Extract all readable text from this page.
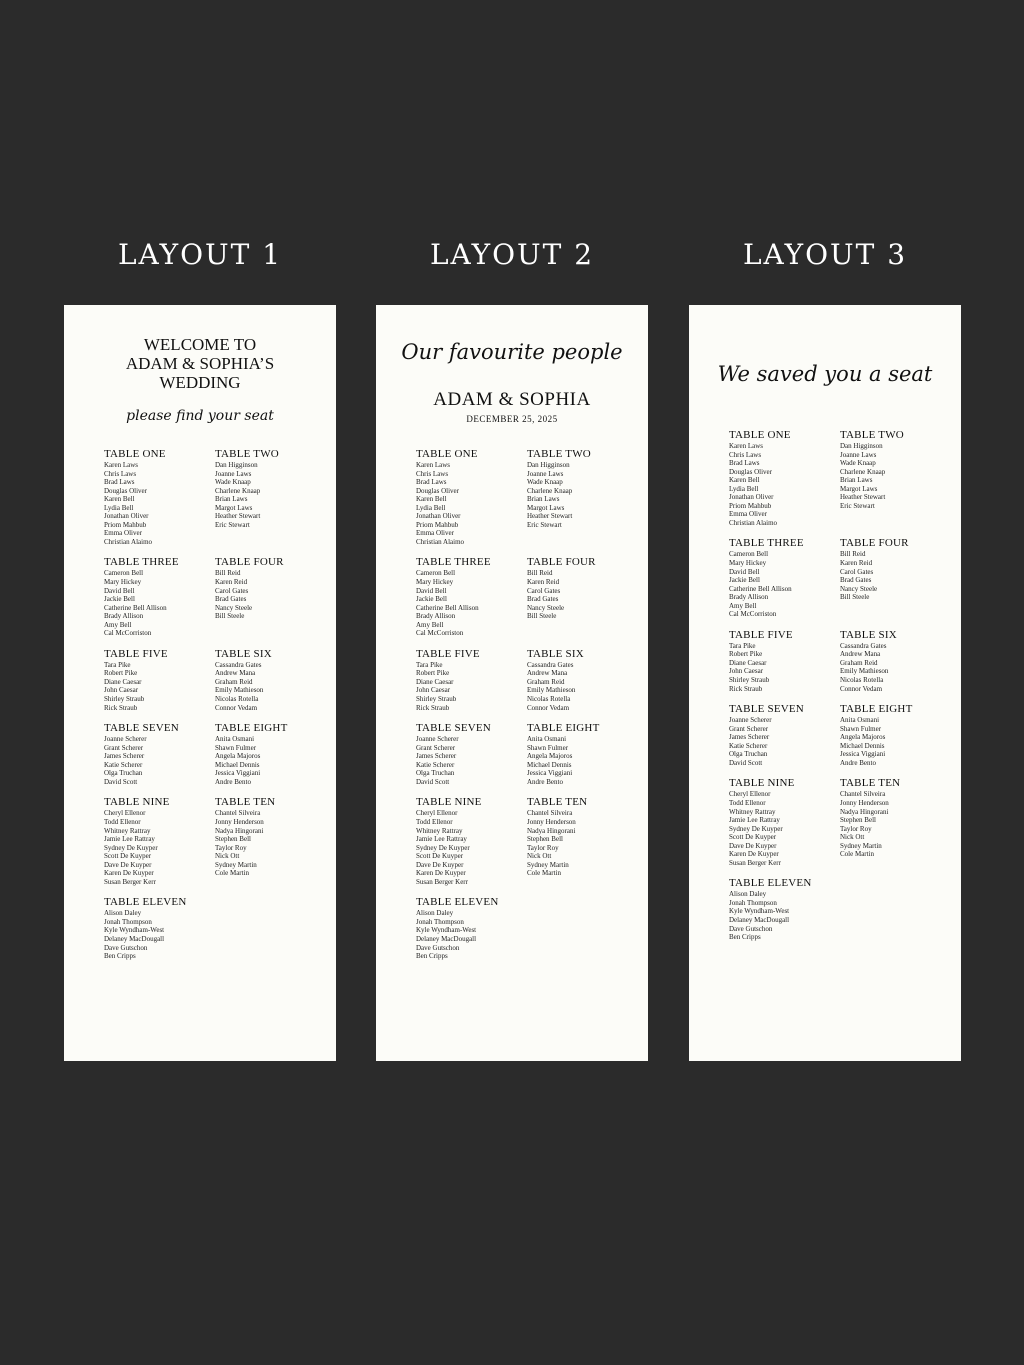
LAYOUT 1	LAYOUT 2	LAYOUT 3
WELCOME TO
ADAM & SOPHIA’S
WEDDING
please find your seat
TABLE ONE
Karen Laws
Chris Laws
Brad Laws
Douglas Oliver
Karen Bell
Lydia Bell
Jonathan Oliver
Priom Mahbub
Emma Oliver
Christian Alaimo
TABLE TWO
Dan Higginson
Joanne Laws
Wade Knaap
Charlene Knaap
Brian Laws
Margot Laws
Heather Stewart
Eric Stewart
TABLE THREE
Cameron Bell
Mary Hickey
David Bell
Jackie Bell
Catherine Bell Allison
Brady Allison
Amy Bell
Cal McCorriston
TABLE FOUR
Bill Reid
Karen Reid
Carol Gates
Brad Gates
Nancy Steele
Bill Steele
TABLE FIVE
Tara Pike
Robert Pike
Diane Caesar
John Caesar
Shirley Straub
Rick Straub
TABLE SIX
Cassandra Gates
Andrew Mana
Graham Reid
Emily Mathieson
Nicolas Rotella
Connor Vedam
TABLE SEVEN
Joanne Scherer
Grant Scherer
James Scherer
Katie Scherer
Olga Truchan
David Scott
TABLE EIGHT
Anita Osmani
Shawn Fulmer
Angela Majoros
Michael Dennis
Jessica Viggiani
Andre Bento
TABLE NINE
Cheryl Ellenor
Todd Ellenor
Whitney Rattray
Jamie Lee Rattray
Sydney De Kuyper
Scott De Kuyper
Dave De Kuyper
Karen De Kuyper
Susan Berger Kerr
TABLE TEN
Chantel Silveira
Jonny Henderson
Nadya Hingorani
Stephen Bell
Taylor Roy
Nick Ott
Sydney Martin
Cole Martin
TABLE ELEVEN
Alison Daley
Jonah Thompson
Kyle Wyndham-West
Delaney MacDougall
Dave Gutschon
Ben Cripps
Our favourite people
ADAM & SOPHIA
DECEMBER 25, 2025
TABLE ONE
Karen Laws
Chris Laws
Brad Laws
Douglas Oliver
Karen Bell
Lydia Bell
Jonathan Oliver
Priom Mahbub
Emma Oliver
Christian Alaimo
TABLE TWO
Dan Higginson
Joanne Laws
Wade Knaap
Charlene Knaap
Brian Laws
Margot Laws
Heather Stewart
Eric Stewart
TABLE THREE
Cameron Bell
Mary Hickey
David Bell
Jackie Bell
Catherine Bell Allison
Brady Allison
Amy Bell
Cal McCorriston
TABLE FOUR
Bill Reid
Karen Reid
Carol Gates
Brad Gates
Nancy Steele
Bill Steele
TABLE FIVE
Tara Pike
Robert Pike
Diane Caesar
John Caesar
Shirley Straub
Rick Straub
TABLE SIX
Cassandra Gates
Andrew Mana
Graham Reid
Emily Mathieson
Nicolas Rotella
Connor Vedam
TABLE SEVEN
Joanne Scherer
Grant Scherer
James Scherer
Katie Scherer
Olga Truchan
David Scott
TABLE EIGHT
Anita Osmani
Shawn Fulmer
Angela Majoros
Michael Dennis
Jessica Viggiani
Andre Bento
TABLE NINE
Cheryl Ellenor
Todd Ellenor
Whitney Rattray
Jamie Lee Rattray
Sydney De Kuyper
Scott De Kuyper
Dave De Kuyper
Karen De Kuyper
Susan Berger Kerr
TABLE TEN
Chantel Silveira
Jonny Henderson
Nadya Hingorani
Stephen Bell
Taylor Roy
Nick Ott
Sydney Martin
Cole Martin
TABLE ELEVEN
Alison Daley
Jonah Thompson
Kyle Wyndham-West
Delaney MacDougall
Dave Gutschon
Ben Cripps
We saved you a seat
TABLE ONE
Karen Laws
Chris Laws
Brad Laws
Douglas Oliver
Karen Bell
Lydia Bell
Jonathan Oliver
Priom Mahbub
Emma Oliver
Christian Alaimo
TABLE TWO
Dan Higginson
Joanne Laws
Wade Knaap
Charlene Knaap
Brian Laws
Margot Laws
Heather Stewart
Eric Stewart
TABLE THREE
Cameron Bell
Mary Hickey
David Bell
Jackie Bell
Catherine Bell Allison
Brady Allison
Amy Bell
Cal McCorriston
TABLE FOUR
Bill Reid
Karen Reid
Carol Gates
Brad Gates
Nancy Steele
Bill Steele
TABLE FIVE
Tara Pike
Robert Pike
Diane Caesar
John Caesar
Shirley Straub
Rick Straub
TABLE SIX
Cassandra Gates
Andrew Mana
Graham Reid
Emily Mathieson
Nicolas Rotella
Connor Vedam
TABLE SEVEN
Joanne Scherer
Grant Scherer
James Scherer
Katie Scherer
Olga Truchan
David Scott
TABLE EIGHT
Anita Osmani
Shawn Fulmer
Angela Majoros
Michael Dennis
Jessica Viggiani
Andre Bento
TABLE NINE
Cheryl Ellenor
Todd Ellenor
Whitney Rattray
Jamie Lee Rattray
Sydney De Kuyper
Scott De Kuyper
Dave De Kuyper
Karen De Kuyper
Susan Berger Kerr
TABLE TEN
Chantel Silveira
Jonny Henderson
Nadya Hingorani
Stephen Bell
Taylor Roy
Nick Ott
Sydney Martin
Cole Martin
TABLE ELEVEN
Alison Daley
Jonah Thompson
Kyle Wyndham-West
Delaney MacDougall
Dave Gutschon
Ben Cripps
